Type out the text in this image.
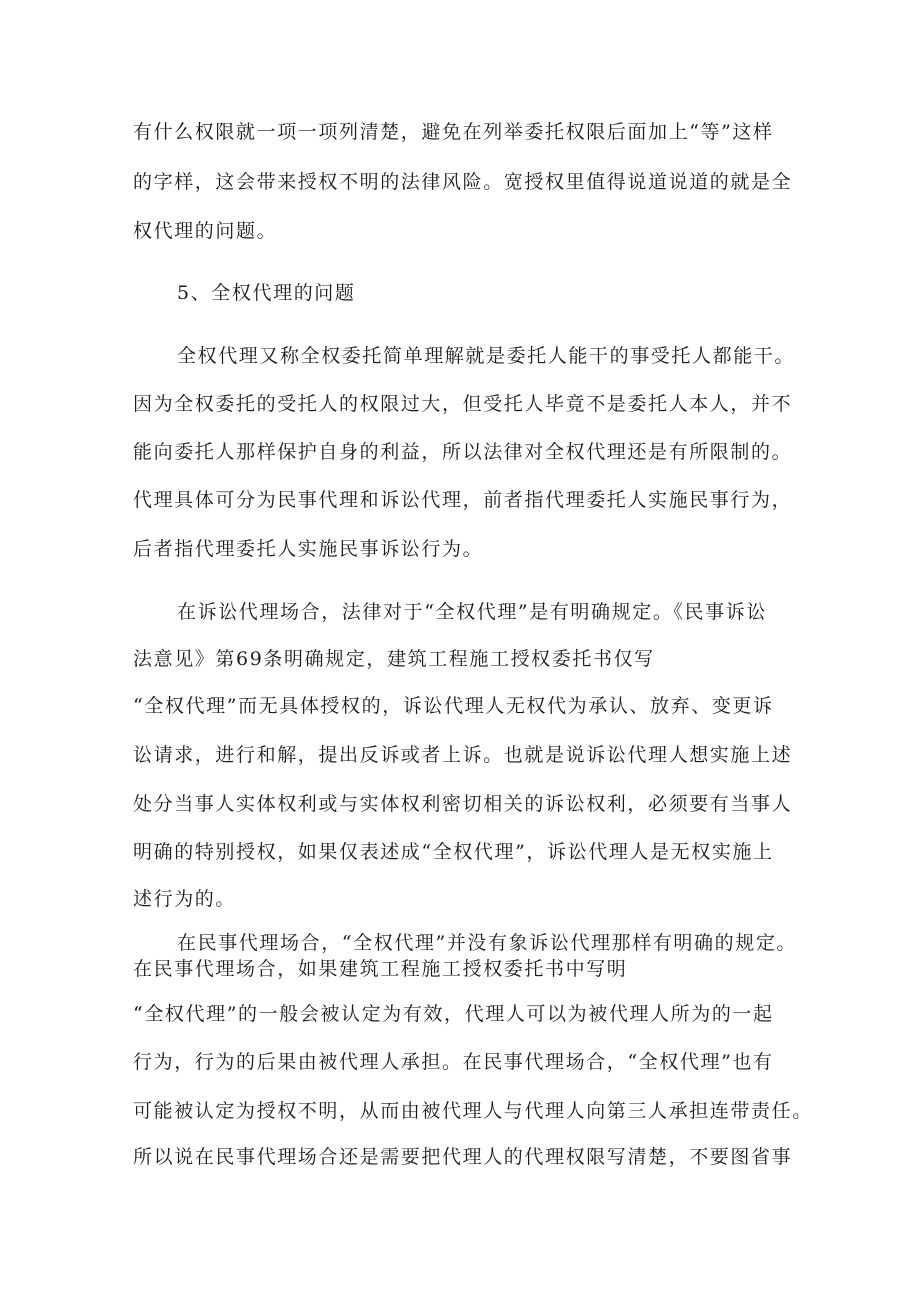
有什么权限就一项一项列清楚，避免在列举委托权限后面加上“等”这样
的字样，这会带来授权不明的法律风险。宽授权里值得说道说道的就是全
权代理的问题。
5、全权代理的问题
全权代理又称全权委托简单理解就是委托人能干的事受托人都能干。
因为全权委托的受托人的权限过大，但受托人毕竟不是委托人本人，并不
能向委托人那样保护自身的利益，所以法律对全权代理还是有所限制的。
代理具体可分为民事代理和诉讼代理，前者指代理委托人实施民事行为，
后者指代理委托人实施民事诉讼行为。
在诉讼代理场合，法律对于“全权代理”是有明确规定。《民事诉讼
法意见》第69条明确规定，建筑工程施工授权委托书仅写
“全权代理”而无具体授权的，诉讼代理人无权代为承认、放弃、变更诉
讼请求，进行和解，提出反诉或者上诉。也就是说诉讼代理人想实施上述
处分当事人实体权利或与实体权利密切相关的诉讼权利，必须要有当事人
明确的特别授权，如果仅表述成“全权代理”，诉讼代理人是无权实施上
述行为的。
在民事代理场合，“全权代理”并没有象诉讼代理那样有明确的规定。
在民事代理场合，如果建筑工程施工授权委托书中写明
“全权代理”的一般会被认定为有效，代理人可以为被代理人所为的一起
行为，行为的后果由被代理人承担。在民事代理场合，“全权代理”也有
可能被认定为授权不明，从而由被代理人与代理人向第三人承担连带责任。
所以说在民事代理场合还是需要把代理人的代理权限写清楚，不要图省事
